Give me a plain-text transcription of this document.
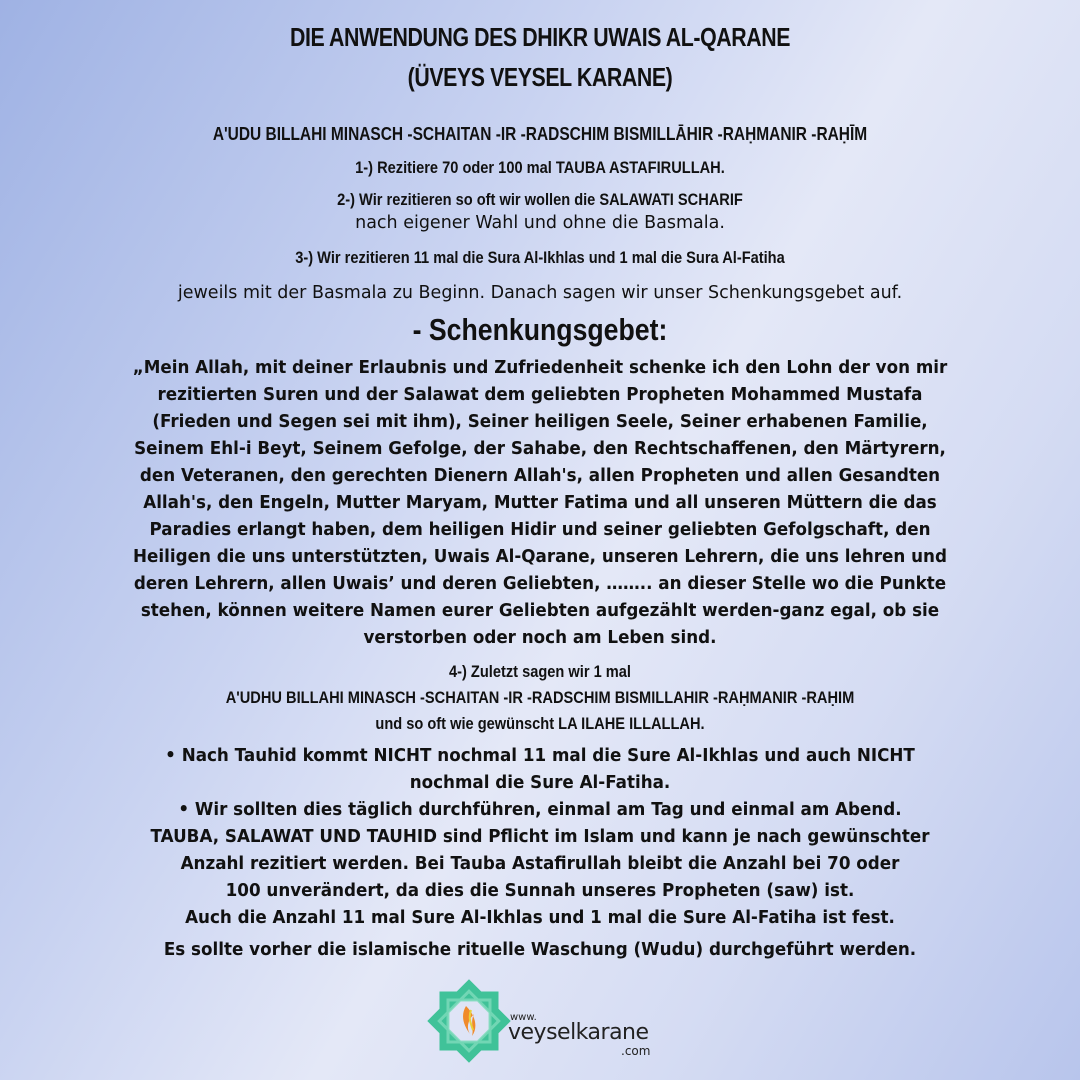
DIE ANWENDUNG DES DHIKR UWAIS AL-QARANE
(ÜVEYS VEYSEL KARANE)
A'UDU BILLAHI MINASCH -SCHAITAN -IR -RADSCHIM BISMILLĀHIR -RAḤMANIR -RAḤĪM
1-) Rezitiere 70 oder 100 mal TAUBA ASTAFIRULLAH.
2-) Wir rezitieren so oft wir wollen die SALAWATI SCHARIF
nach eigener Wahl und ohne die Basmala.
3-) Wir rezitieren 11 mal die Sura Al-Ikhlas und 1 mal die Sura Al-Fatiha
jeweils mit der Basmala zu Beginn. Danach sagen wir unser Schenkungsgebet auf.
- Schenkungsgebet:
„Mein Allah, mit deiner Erlaubnis und Zufriedenheit schenke ich den Lohn der von mir
rezitierten Suren und der Salawat dem geliebten Propheten Mohammed Mustafa
(Frieden und Segen sei mit ihm), Seiner heiligen Seele, Seiner erhabenen Familie,
Seinem Ehl-i Beyt, Seinem Gefolge, der Sahabe, den Rechtschaffenen, den Märtyrern,
den Veteranen, den gerechten Dienern Allah's, allen Propheten und allen Gesandten
Allah's, den Engeln, Mutter Maryam, Mutter Fatima und all unseren Müttern die das
Paradies erlangt haben, dem heiligen Hidir und seiner geliebten Gefolgschaft, den
Heiligen die uns unterstützten, Uwais Al-Qarane, unseren Lehrern, die uns lehren und
deren Lehrern, allen Uwais’ und deren Geliebten, …….. an dieser Stelle wo die Punkte
stehen, können weitere Namen eurer Geliebten aufgezählt werden-ganz egal, ob sie
verstorben oder noch am Leben sind.
4-) Zuletzt sagen wir 1 mal
A'UDHU BILLAHI MINASCH -SCHAITAN -IR -RADSCHIM BISMILLAHIR -RAḤMANIR -RAḤIM
und so oft wie gewünscht LA ILAHE ILLALLAH.
• Nach Tauhid kommt NICHT nochmal 11 mal die Sure Al-Ikhlas und auch NICHT
nochmal die Sure Al-Fatiha.
• Wir sollten dies täglich durchführen, einmal am Tag und einmal am Abend.
TAUBA, SALAWAT UND TAUHID sind Pflicht im Islam und kann je nach gewünschter
Anzahl rezitiert werden. Bei Tauba Astafirullah bleibt die Anzahl bei 70 oder
100 unverändert, da dies die Sunnah unseres Propheten (saw) ist.
Auch die Anzahl 11 mal Sure Al-Ikhlas und 1 mal die Sure Al-Fatiha ist fest.
Es sollte vorher die islamische rituelle Waschung (Wudu) durchgeführt werden.
www.
veyselkarane
.com
